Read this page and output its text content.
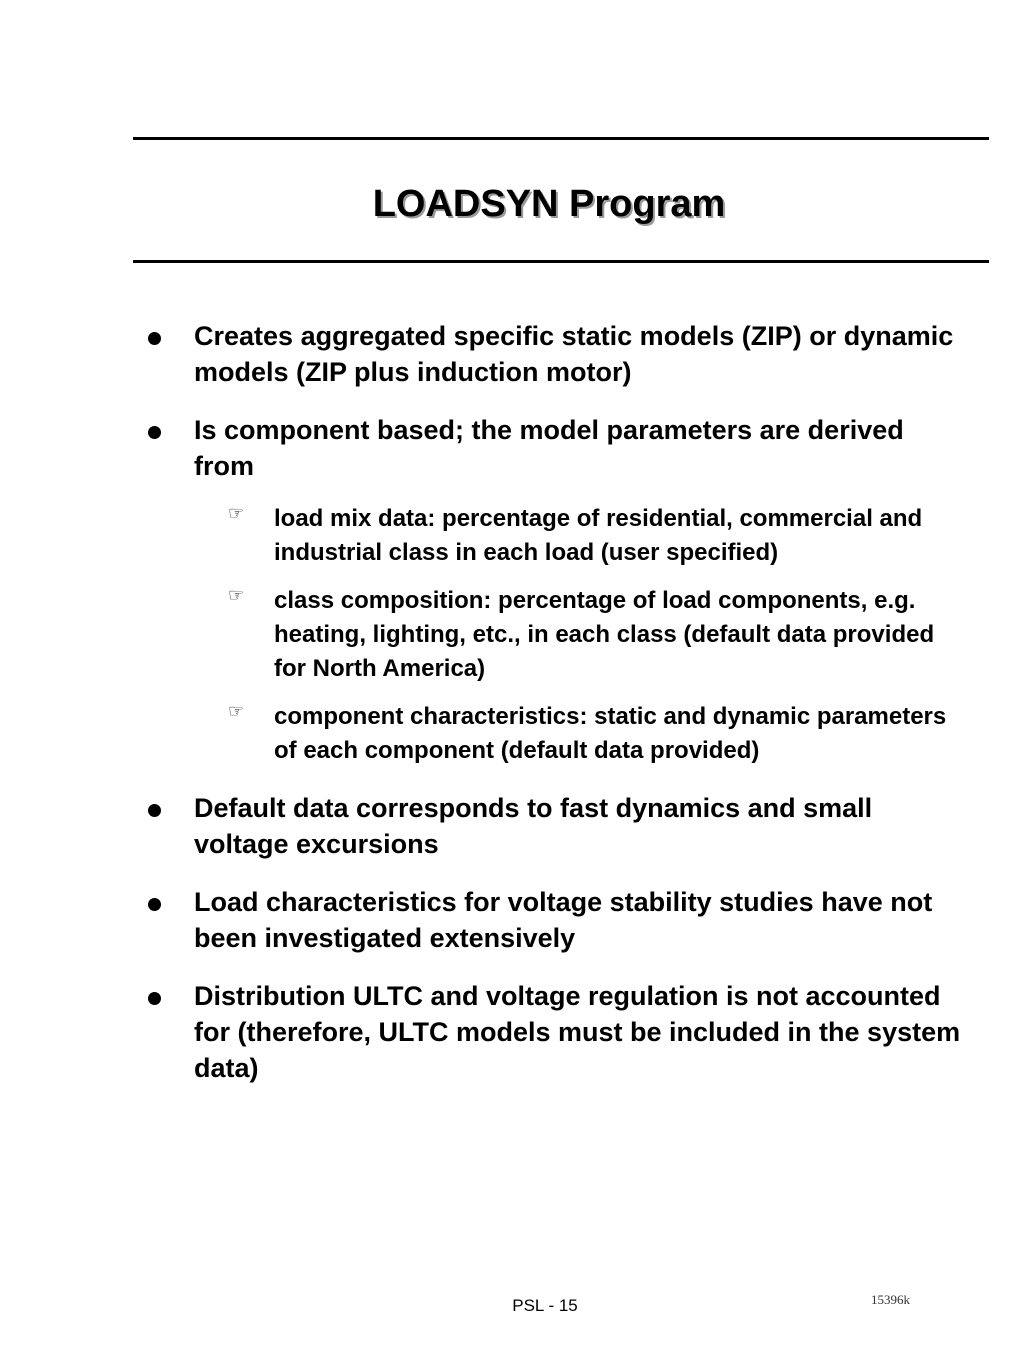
LOADSYN Program
Creates aggregated specific static models (ZIP) or dynamic models (ZIP plus induction motor)
Is component based; the model parameters are derived from
☞ load mix data: percentage of residential, commercial and industrial class in each load (user specified)
☞ class composition: percentage of load components, e.g. heating, lighting, etc., in each class (default data provided for North America)
☞ component characteristics: static and dynamic parameters of each component (default data provided)
Default data corresponds to fast dynamics and small voltage excursions
Load characteristics for voltage stability studies have not been investigated extensively
Distribution ULTC and voltage regulation is not accounted for (therefore, ULTC models must be included in the system data)
PSL - 15	15396k
